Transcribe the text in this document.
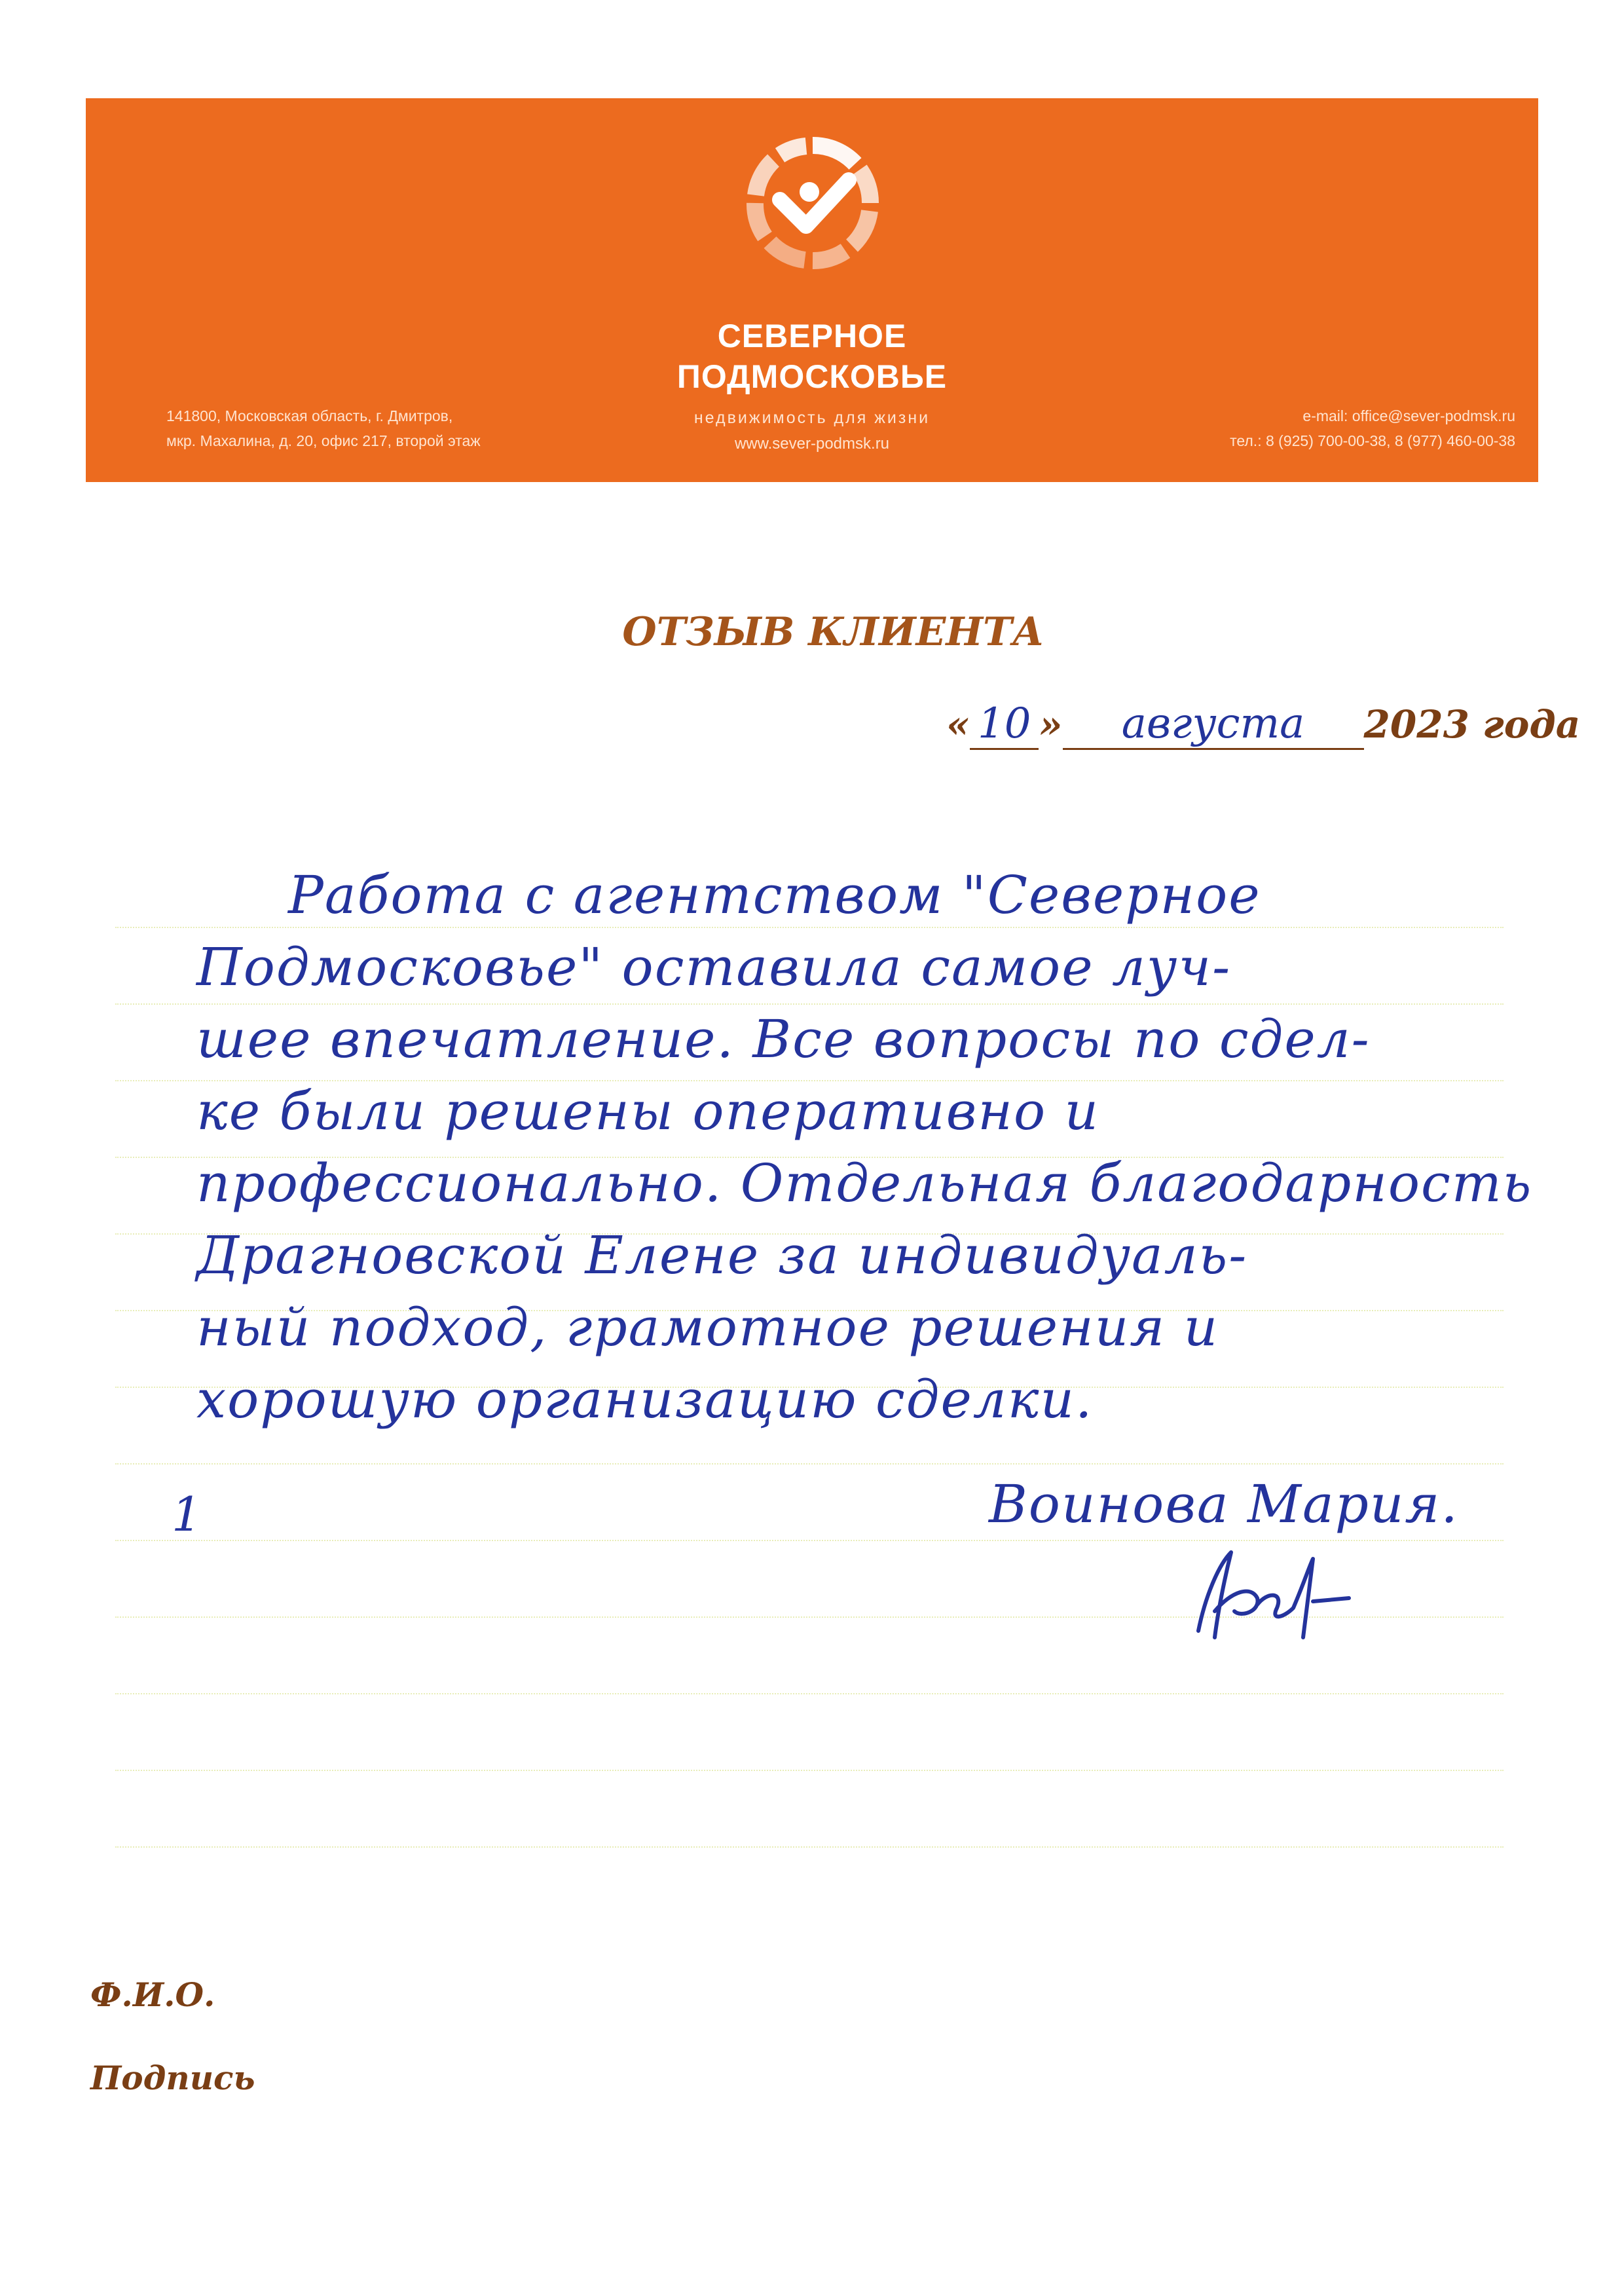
СЕВЕРНОЕ
ПОДМОСКОВЬЕ
недвижимость для жизни
www.sever-podmsk.ru
141800, Московская область, г. Дмитров,
мкр. Махалина, д. 20, офис 217, второй этаж
e-mail: office@sever-podmsk.ru
тел.: 8 (925) 700-00-38, 8 (977) 460-00-38
ОТЗЫВ КЛИЕНТА
« 10 » августа 2023 года
Работа с агентством "Северное
Подмосковье" оставила самое луч-
шее впечатление. Все вопросы по сдел-
ке были решены оперативно и
профессионально. Отдельная благодарность
Драгновской Елене за индивидуаль-
ный подход, грамотное решения и
хорошую организацию сделки.
1	Воинова Мария.
Ф.И.О.
Подпись
